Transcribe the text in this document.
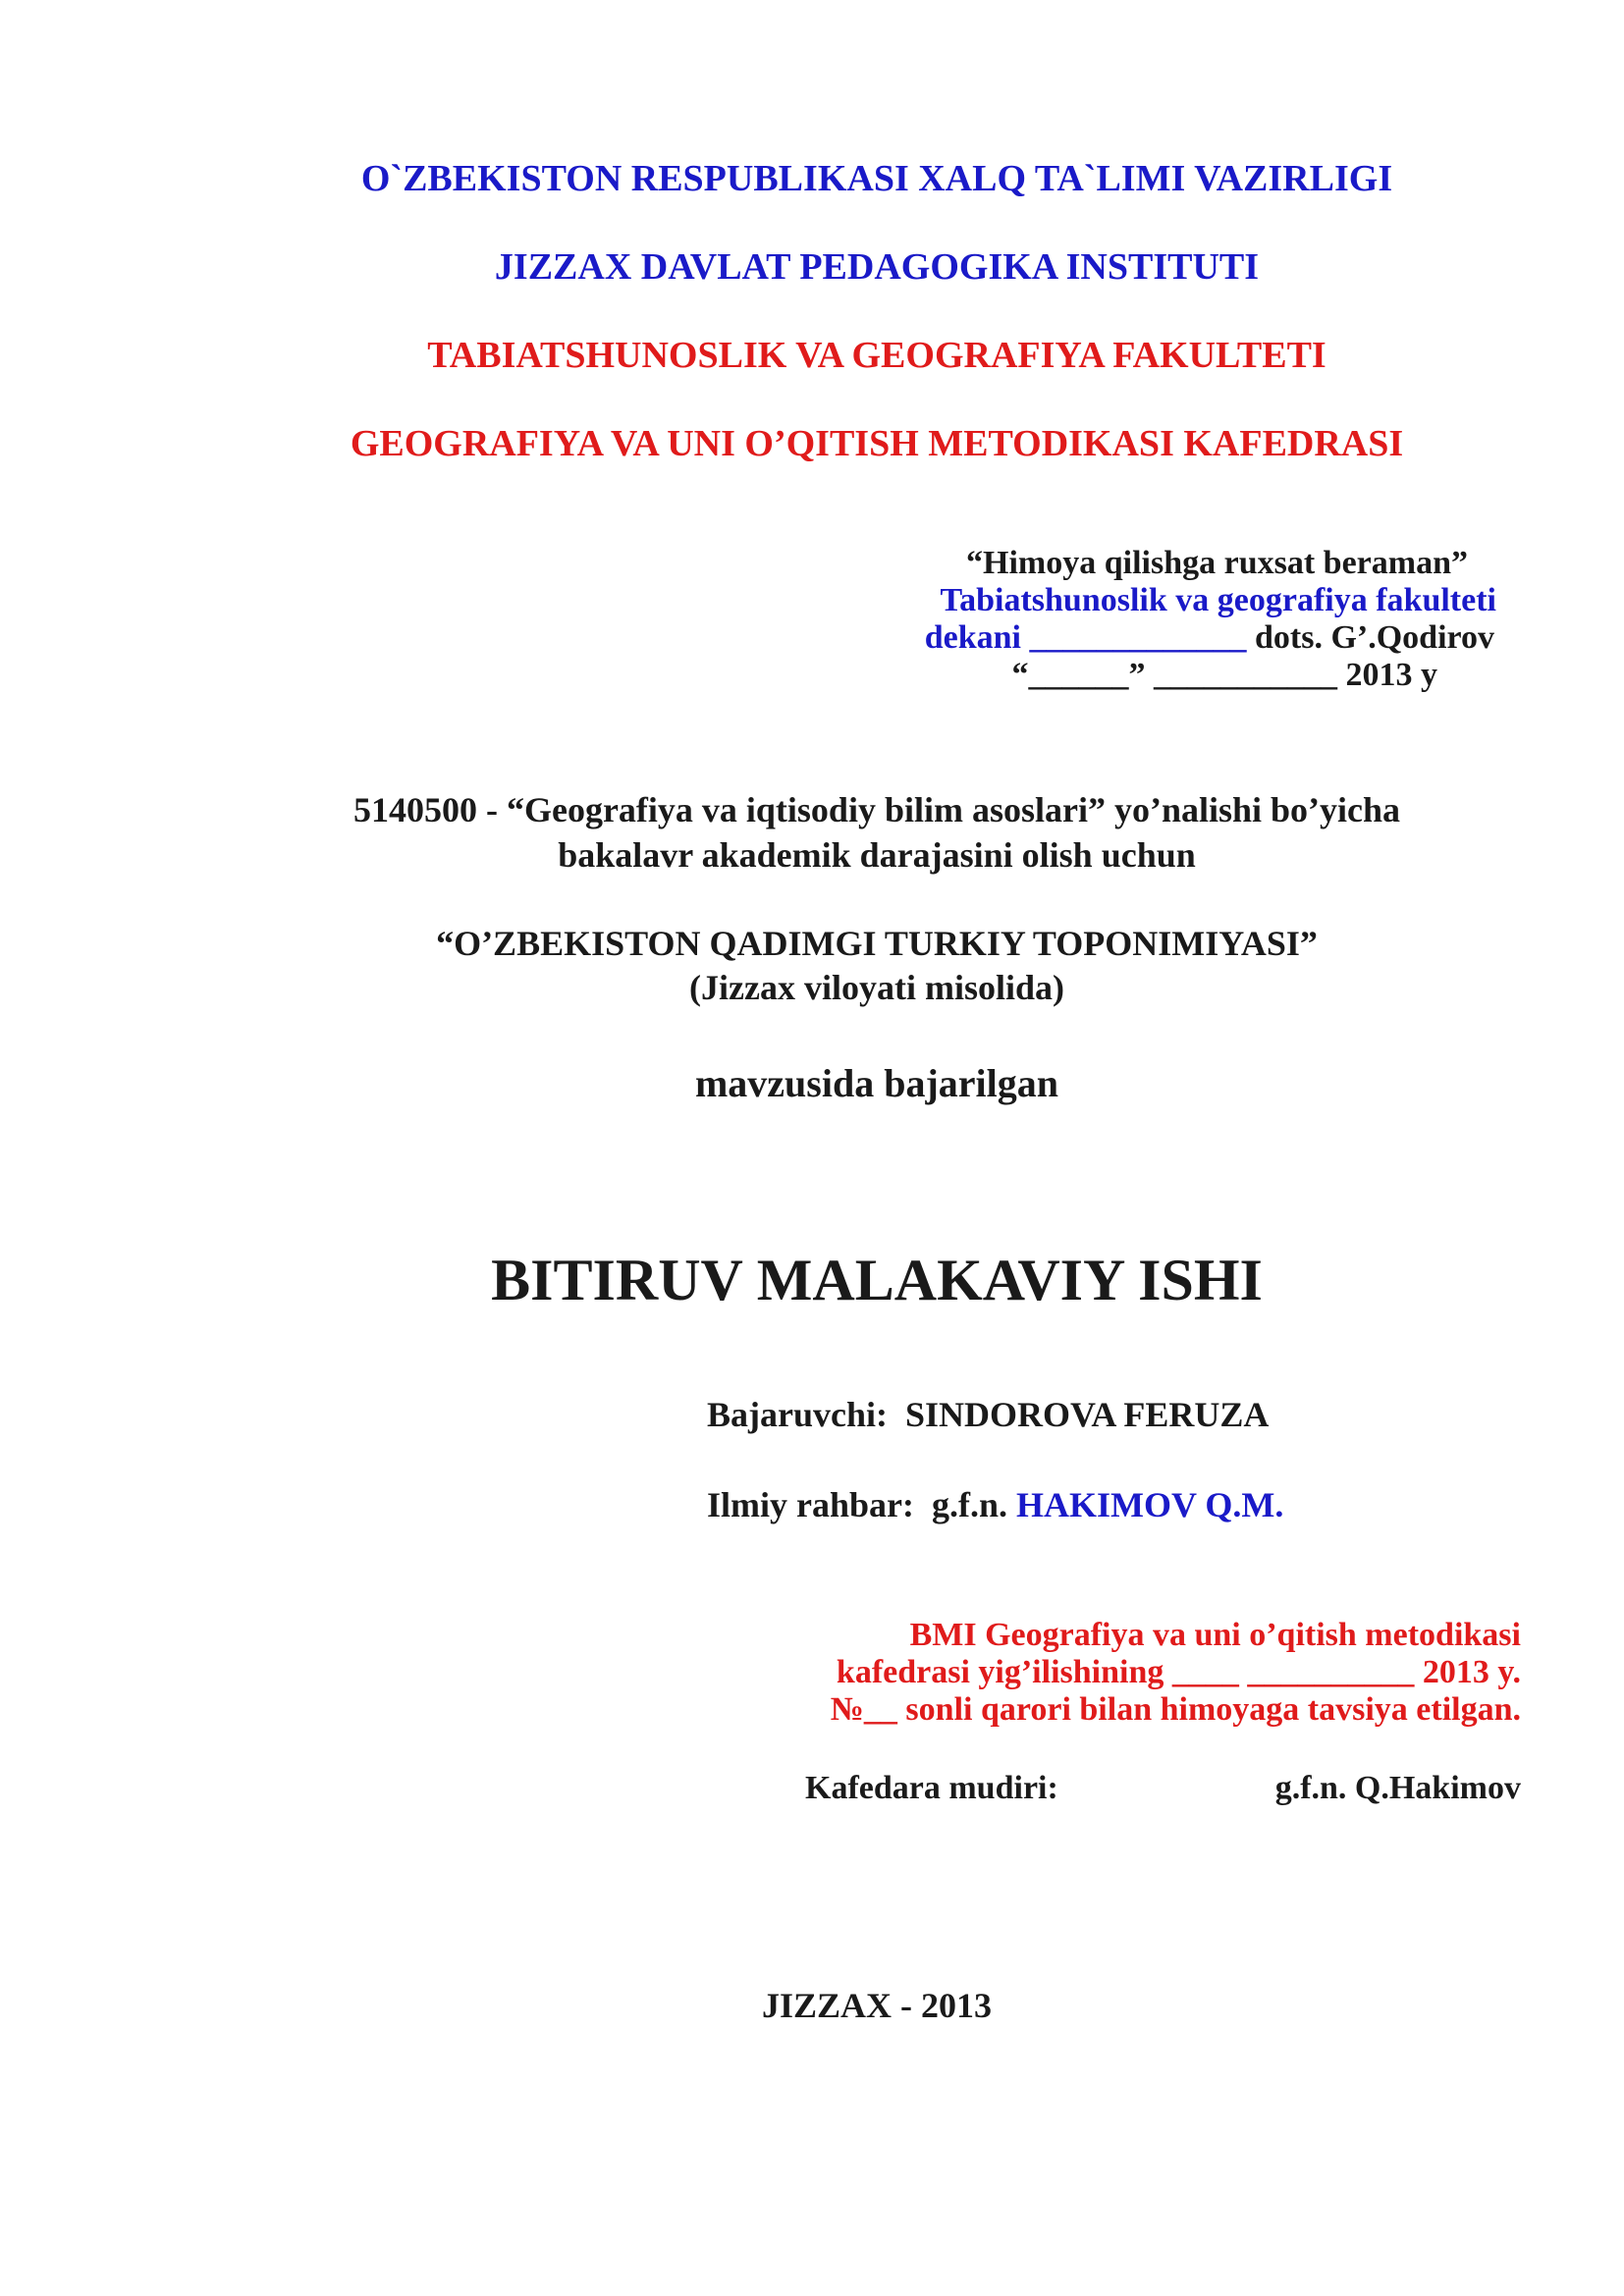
O`ZBEKISTON RESPUBLIKASI XALQ TA`LIMI VAZIRLIGI
JIZZAX DAVLAT PEDAGOGIKA INSTITUTI
TABIATSHUNOSLIK VA GEOGRAFIYA FAKULTETI
GEOGRAFIYA VA UNI O’QITISH METODIKASI KAFEDRASI
“Himoya qilishga ruxsat beraman”
Tabiatshunoslik va geografiya fakulteti
dekani _____________ dots. G’.Qodirov
“______” ___________ 2013 y
5140500 - “Geografiya va iqtisodiy bilim asoslari” yo’nalishi bo’yicha
bakalavr akademik darajasini olish uchun
“O’ZBEKISTON QADIMGI TURKIY TOPONIMIYASI”
(Jizzax viloyati misolida)
mavzusida bajarilgan
BITIRUV MALAKAVIY ISHI
Bajaruvchi: SINDOROVA FERUZA
Ilmiy rahbar: g.f.n. HAKIMOV Q.M.
BMI Geografiya va uni o’qitish metodikasi
kafedrasi yig’ilishining ____ __________ 2013 y.
№__ sonli qarori bilan himoyaga tavsiya etilgan.
Kafedara mudiri:	g.f.n. Q.Hakimov
JIZZAX - 2013
